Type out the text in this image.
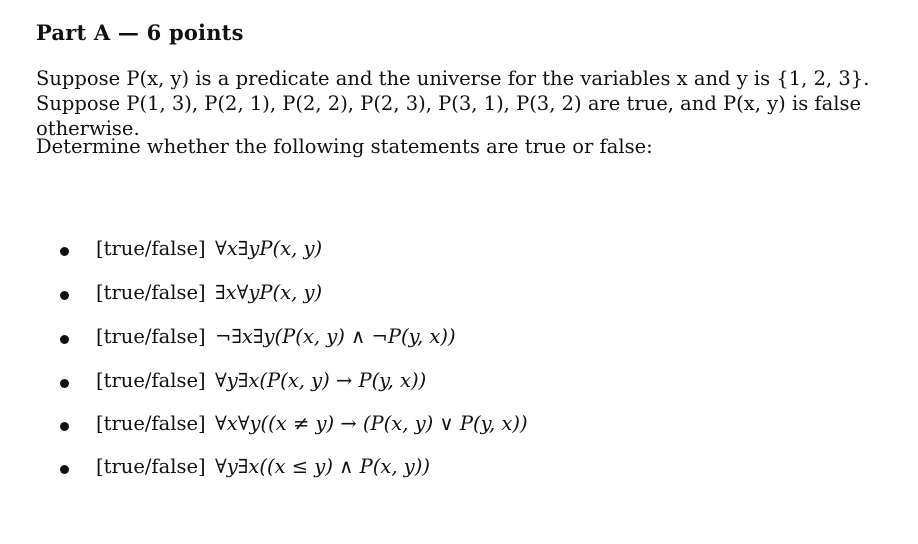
Part A — 6 points
Suppose P(x, y) is a predicate and the universe for the variables x and y is {1, 2, 3}. Suppose P(1, 3), P(2, 1), P(2, 2), P(2, 3), P(3, 1), P(3, 2) are true, and P(x, y) is false otherwise.
Determine whether the following statements are true or false:
[true/false] ∀x∃yP(x, y)
[true/false] ∃x∀yP(x, y)
[true/false] ¬∃x∃y(P(x, y) ∧ ¬P(y, x))
[true/false] ∀y∃x(P(x, y) → P(y, x))
[true/false] ∀x∀y((x ≠ y) → (P(x, y) ∨ P(y, x))
[true/false] ∀y∃x((x ≤ y) ∧ P(x, y))
